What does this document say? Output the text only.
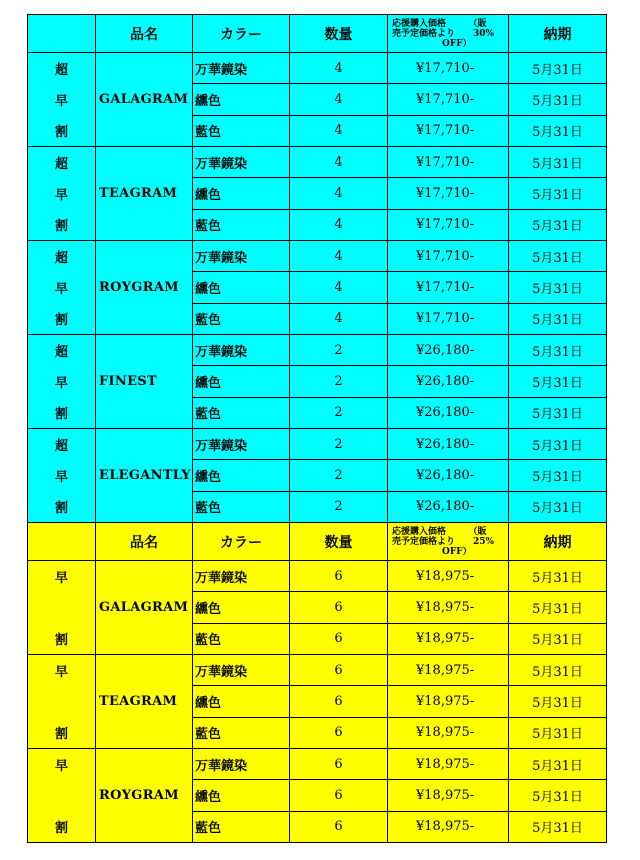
	品名	カラー	数量	応援購入価格　　　（販
売予定価格より　　30%
OFF）	納期

超
早
割	GALAGRAM	万華鏡染	4	¥17,710-	5月31日
		纁色	4	¥17,710-	5月31日
		藍色	4	¥17,710-	5月31日

超
早
割	TEAGRAM	万華鏡染	4	¥17,710-	5月31日
		纁色	4	¥17,710-	5月31日
		藍色	4	¥17,710-	5月31日

超
早
割	ROYGRAM	万華鏡染	4	¥17,710-	5月31日
		纁色	4	¥17,710-	5月31日
		藍色	4	¥17,710-	5月31日

超
早
割	FINEST	万華鏡染	2	¥26,180-	5月31日
		纁色	2	¥26,180-	5月31日
		藍色	2	¥26,180-	5月31日

超
早
割	ELEGANTLY	万華鏡染	2	¥26,180-	5月31日
		纁色	2	¥26,180-	5月31日
		藍色	2	¥26,180-	5月31日
	品名	カラー	数量	応援購入価格　　　（販
売予定価格より　　25%
OFF）	納期

早
割	GALAGRAM	万華鏡染	6	¥18,975-	5月31日
		纁色	6	¥18,975-	5月31日
		藍色	6	¥18,975-	5月31日

早
割	TEAGRAM	万華鏡染	6	¥18,975-	5月31日
		纁色	6	¥18,975-	5月31日
		藍色	6	¥18,975-	5月31日

早
割	ROYGRAM	万華鏡染	6	¥18,975-	5月31日
		纁色	6	¥18,975-	5月31日
		藍色	6	¥18,975-	5月31日
